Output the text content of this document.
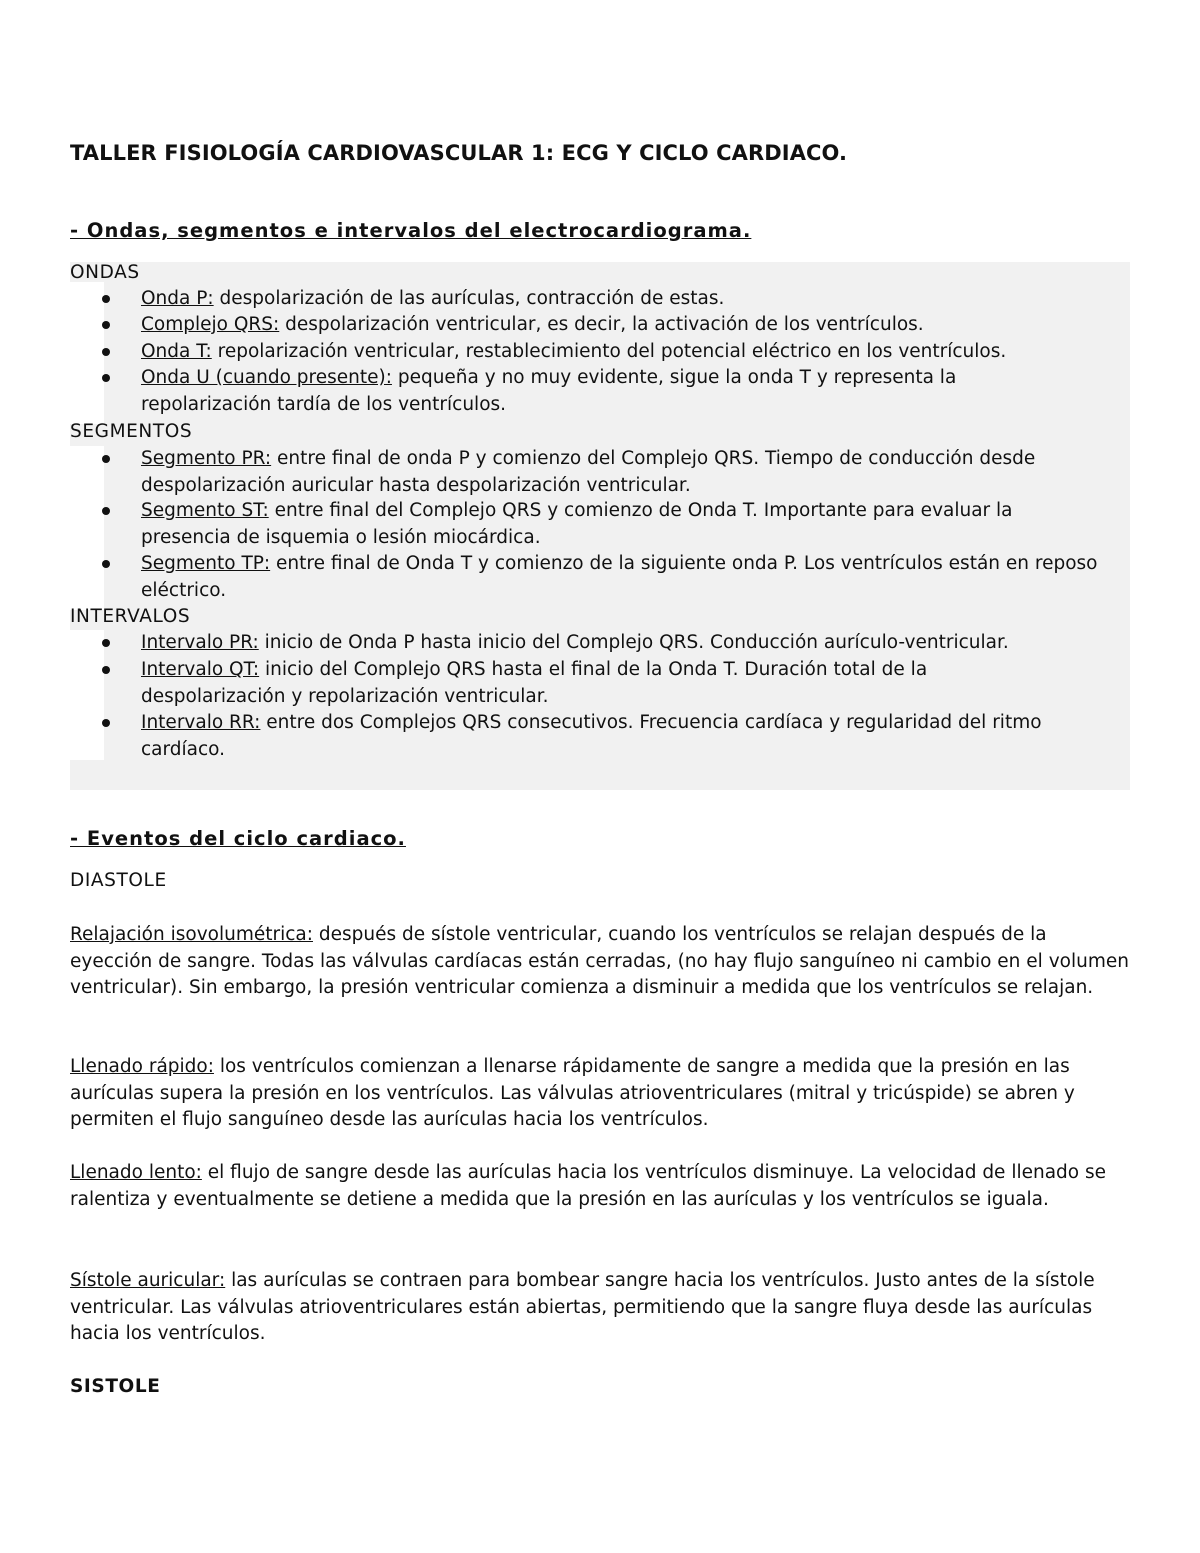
TALLER FISIOLOGÍA CARDIOVASCULAR 1: ECG Y CICLO CARDIACO.
- Ondas, segmentos e intervalos del electrocardiograma.
ONDAS
Onda P: despolarización de las aurículas, contracción de estas.
Complejo QRS: despolarización ventricular, es decir, la activación de los ventrículos.
Onda T: repolarización ventricular, restablecimiento del potencial eléctrico en los ventrículos.
Onda U (cuando presente): pequeña y no muy evidente, sigue la onda T y representa la repolarización tardía de los ventrículos.
SEGMENTOS
Segmento PR: entre final de onda P y comienzo del Complejo QRS. Tiempo de conducción desde despolarización auricular hasta despolarización ventricular.
Segmento ST: entre final del Complejo QRS y comienzo de Onda T. Importante para evaluar la presencia de isquemia o lesión miocárdica.
Segmento TP: entre final de Onda T y comienzo de la siguiente onda P. Los ventrículos están en reposo eléctrico.
INTERVALOS
Intervalo PR: inicio de Onda P hasta inicio del Complejo QRS. Conducción aurículo-ventricular.
Intervalo QT: inicio del Complejo QRS hasta el final de la Onda T. Duración total de la despolarización y repolarización ventricular.
Intervalo RR: entre dos Complejos QRS consecutivos. Frecuencia cardíaca y regularidad del ritmo cardíaco.
- Eventos del ciclo cardiaco.
DIASTOLE
Relajación isovolumétrica: después de sístole ventricular, cuando los ventrículos se relajan después de la eyección de sangre. Todas las válvulas cardíacas están cerradas, (no hay flujo sanguíneo ni cambio en el volumen ventricular). Sin embargo, la presión ventricular comienza a disminuir a medida que los ventrículos se relajan.
Llenado rápido: los ventrículos comienzan a llenarse rápidamente de sangre a medida que la presión en las aurículas supera la presión en los ventrículos. Las válvulas atrioventriculares (mitral y tricúspide) se abren y permiten el flujo sanguíneo desde las aurículas hacia los ventrículos.
Llenado lento: el flujo de sangre desde las aurículas hacia los ventrículos disminuye. La velocidad de llenado se ralentiza y eventualmente se detiene a medida que la presión en las aurículas y los ventrículos se iguala.
Sístole auricular: las aurículas se contraen para bombear sangre hacia los ventrículos. Justo antes de la sístole ventricular. Las válvulas atrioventriculares están abiertas, permitiendo que la sangre fluya desde las aurículas hacia los ventrículos.
SISTOLE
